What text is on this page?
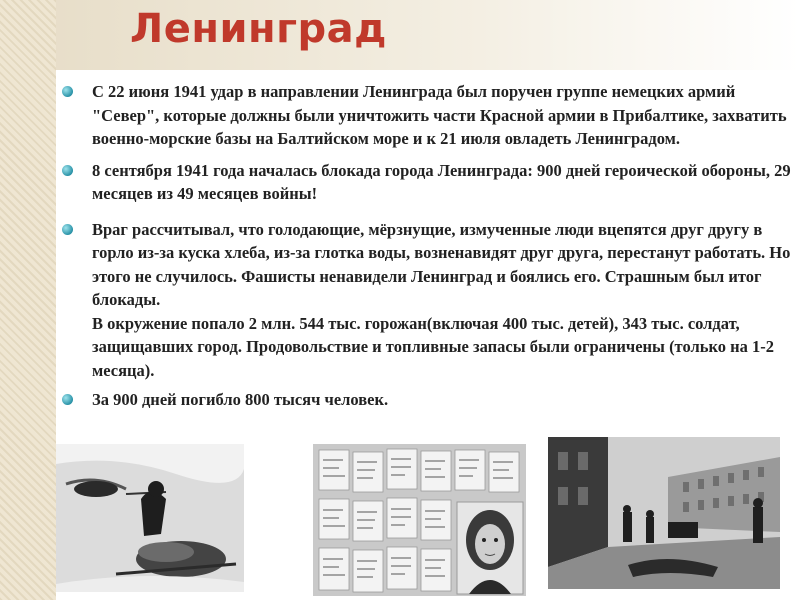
Ленинград
С 22 июня 1941 удар в направлении Ленинграда был поручен группе немецких армий "Север", которые должны были уничтожить части Красной армии в Прибалтике, захватить военно-морские базы на Балтийском море и к 21 июля овладеть Ленинградом.
8 сентября 1941 года началась блокада города Ленинграда: 900 дней героической обороны, 29 месяцев из 49 месяцев войны!
Враг рассчитывал, что голодающие, мёрзнущие, измученные люди вцепятся друг другу в горло из-за куска хлеба, из-за глотка воды, возненавидят друг друга, перестанут работать. Но этого не случилось. Фашисты ненавидели Ленинград и боялись его. Страшным был итог блокады.
В окружение попало 2 млн. 544 тыс. горожан(включая 400 тыс. детей), 343 тыс. солдат, защищавших город. Продовольствие и топливные запасы были ограничены (только на 1-2 месяца).
За 900 дней погибло 800 тысяч человек.
